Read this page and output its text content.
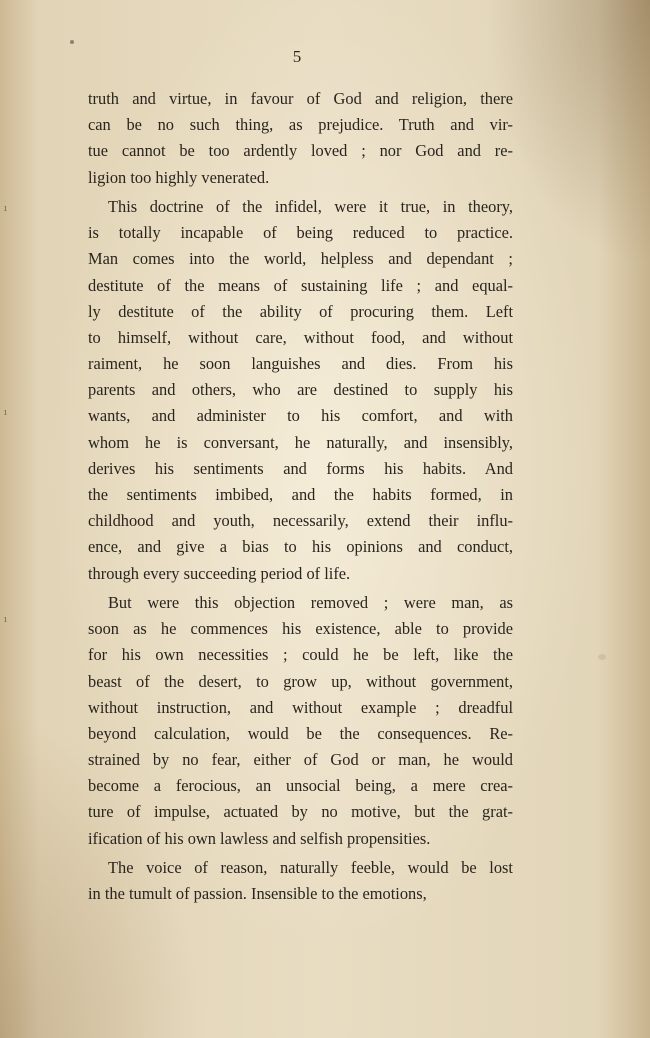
ı
ı
ı
5
truth and virtue, in favour of God and religion, there
can be no such thing, as prejudice. Truth and vir-
tue cannot be too ardently loved ; nor God and re-
ligion too highly venerated.
This doctrine of the infidel, were it true, in theory,
is totally incapable of being reduced to practice.
Man comes into the world, helpless and dependant ;
destitute of the means of sustaining life ; and equal-
ly destitute of the ability of procuring them. Left
to himself, without care, without food, and without
raiment, he soon languishes and dies. From his
parents and others, who are destined to supply his
wants, and administer to his comfort, and with
whom he is conversant, he naturally, and insensibly,
derives his sentiments and forms his habits. And
the sentiments imbibed, and the habits formed, in
childhood and youth, necessarily, extend their influ-
ence, and give a bias to his opinions and conduct,
through every succeeding period of life.
But were this objection removed ; were man, as
soon as he commences his existence, able to provide
for his own necessities ; could he be left, like the
beast of the desert, to grow up, without government,
without instruction, and without example ; dreadful
beyond calculation, would be the consequences. Re-
strained by no fear, either of God or man, he would
become a ferocious, an unsocial being, a mere crea-
ture of impulse, actuated by no motive, but the grat-
ification of his own lawless and selfish propensities.
The voice of reason, naturally feeble, would be lost
in the tumult of passion. Insensible to the emotions,
